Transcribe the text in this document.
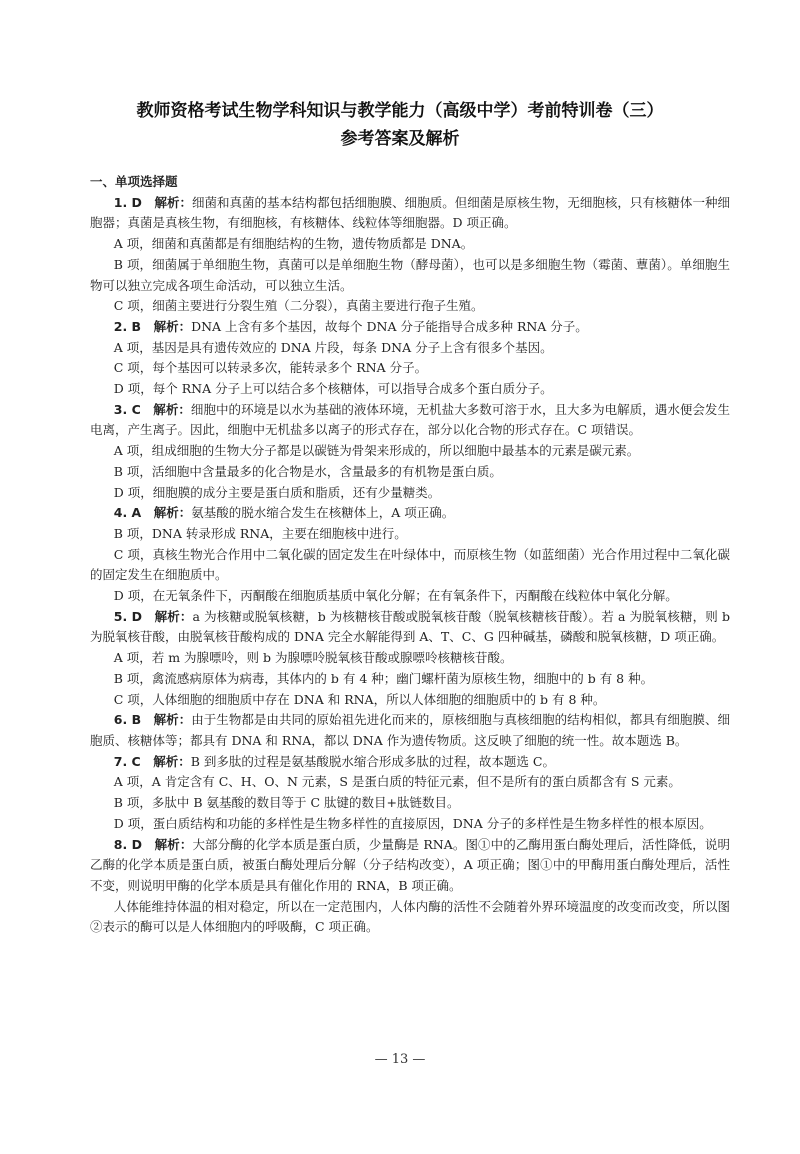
教师资格考试生物学科知识与教学能力（高级中学）考前特训卷（三）
参考答案及解析

一、单项选择题

1. D  解析：细菌和真菌的基本结构都包括细胞膜、细胞质。但细菌是原核生物，无细胞核，只有核糖体一种细胞器；真菌是真核生物，有细胞核，有核糖体、线粒体等细胞器。D 项正确。

A 项，细菌和真菌都是有细胞结构的生物，遗传物质都是 DNA。

B 项，细菌属于单细胞生物，真菌可以是单细胞生物（酵母菌），也可以是多细胞生物（霉菌、蕈菌）。单细胞生物可以独立完成各项生命活动，可以独立生活。

C 项，细菌主要进行分裂生殖（二分裂），真菌主要进行孢子生殖。

2. B  解析：DNA 上含有多个基因，故每个 DNA 分子能指导合成多种 RNA 分子。

A 项，基因是具有遗传效应的 DNA 片段，每条 DNA 分子上含有很多个基因。

C 项，每个基因可以转录多次，能转录多个 RNA 分子。

D 项，每个 RNA 分子上可以结合多个核糖体，可以指导合成多个蛋白质分子。

3. C  解析：细胞中的环境是以水为基础的液体环境，无机盐大多数可溶于水，且大多为电解质，遇水便会发生电离，产生离子。因此，细胞中无机盐多以离子的形式存在，部分以化合物的形式存在。C 项错误。

A 项，组成细胞的生物大分子都是以碳链为骨架来形成的，所以细胞中最基本的元素是碳元素。

B 项，活细胞中含量最多的化合物是水，含量最多的有机物是蛋白质。

D 项，细胞膜的成分主要是蛋白质和脂质，还有少量糖类。

4. A  解析：氨基酸的脱水缩合发生在核糖体上，A 项正确。

B 项，DNA 转录形成 RNA，主要在细胞核中进行。

C 项，真核生物光合作用中二氧化碳的固定发生在叶绿体中，而原核生物（如蓝细菌）光合作用过程中二氧化碳的固定发生在细胞质中。

D 项，在无氧条件下，丙酮酸在细胞质基质中氧化分解；在有氧条件下，丙酮酸在线粒体中氧化分解。

5. D  解析：a 为核糖或脱氧核糖，b 为核糖核苷酸或脱氧核苷酸（脱氧核糖核苷酸）。若 a 为脱氧核糖，则 b 为脱氧核苷酸，由脱氧核苷酸构成的 DNA 完全水解能得到 A、T、C、G 四种碱基，磷酸和脱氧核糖，D 项正确。

A 项，若 m 为腺嘌呤，则 b 为腺嘌呤脱氧核苷酸或腺嘌呤核糖核苷酸。

B 项，禽流感病原体为病毒，其体内的 b 有 4 种；幽门螺杆菌为原核生物，细胞中的 b 有 8 种。

C 项，人体细胞的细胞质中存在 DNA 和 RNA，所以人体细胞的细胞质中的 b 有 8 种。

6. B  解析：由于生物都是由共同的原始祖先进化而来的，原核细胞与真核细胞的结构相似，都具有细胞膜、细胞质、核糖体等；都具有 DNA 和 RNA，都以 DNA 作为遗传物质。这反映了细胞的统一性。故本题选 B。

7. C  解析：B 到多肽的过程是氨基酸脱水缩合形成多肽的过程，故本题选 C。

A 项，A 肯定含有 C、H、O、N 元素，S 是蛋白质的特征元素，但不是所有的蛋白质都含有 S 元素。

B 项，多肽中 B 氨基酸的数目等于 C 肽键的数目+肽链数目。

D 项，蛋白质结构和功能的多样性是生物多样性的直接原因，DNA 分子的多样性是生物多样性的根本原因。

8. D  解析：大部分酶的化学本质是蛋白质，少量酶是 RNA。图①中的乙酶用蛋白酶处理后，活性降低，说明乙酶的化学本质是蛋白质，被蛋白酶处理后分解（分子结构改变），A 项正确；图①中的甲酶用蛋白酶处理后，活性不变，则说明甲酶的化学本质是具有催化作用的 RNA，B 项正确。

人体能维持体温的相对稳定，所以在一定范围内，人体内酶的活性不会随着外界环境温度的改变而改变，所以图②表示的酶可以是人体细胞内的呼吸酶，C 项正确。

— 13 —
